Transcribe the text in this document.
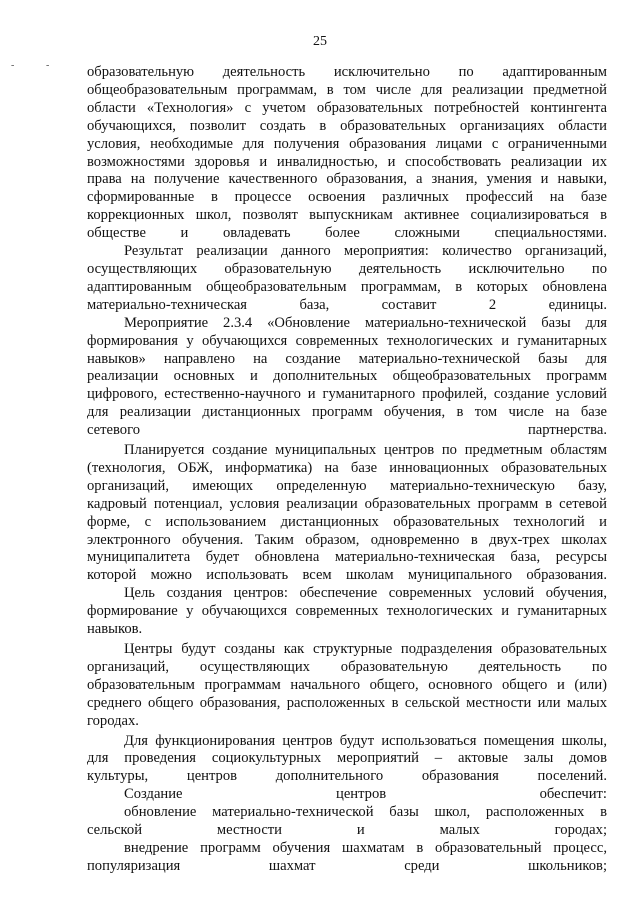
25
-	-	образовательную деятельность исключительно по адаптированным
общеобразовательным программам, в том числе для реализации предметной
области «Технология» с учетом образовательных потребностей контингента
обучающихся, позволит создать в образовательных организациях области
условия, необходимые для получения образования лицами с ограниченными
возможностями здоровья и инвалидностью, и способствовать реализации их
права на получение качественного образования, а знания, умения и навыки,
сформированные в процессе освоения различных профессий на базе
коррекционных школ, позволят выпускникам активнее социализироваться в
обществе и овладевать более сложными специальностями.

Результат реализации данного мероприятия: количество организаций,
осуществляющих образовательную деятельность исключительно по
адаптированным общеобразовательным программам, в которых обновлена
материально-техническая база, составит 2 единицы.

Мероприятие 2.3.4 «Обновление материально-технической базы для
формирования у обучающихся современных технологических и гуманитарных
навыков» направлено на создание материально-технической базы для
реализации основных и дополнительных общеобразовательных программ
цифрового, естественно-научного и гуманитарного профилей, создание условий
для реализации дистанционных программ обучения, в том числе на базе
сетевого партнерства.

Планируется создание муниципальных центров по предметным областям
(технология, ОБЖ, информатика) на базе инновационных образовательных
организаций, имеющих определенную материально-техническую базу,
кадровый потенциал, условия реализации образовательных программ в сетевой
форме, с использованием дистанционных образовательных технологий и
электронного обучения. Таким образом, одновременно в двух-трех школах
муниципалитета будет обновлена материально-техническая база, ресурсы
которой можно использовать всем школам муниципального образования.

Цель создания центров: обеспечение современных условий обучения,
формирование у обучающихся современных технологических и гуманитарных
навыков.

Центры будут созданы как структурные подразделения образовательных
организаций, осуществляющих образовательную деятельность по
образовательным программам начального общего, основного общего и (или)
среднего общего образования, расположенных в сельской местности или малых
городах.

Для функционирования центров будут использоваться помещения школы,
для проведения социокультурных мероприятий – актовые залы домов
культуры, центров дополнительного образования поселений.

Создание центров обеспечит:

обновление материально-технической базы школ, расположенных в
сельской местности и малых городах;

внедрение программ обучения шахматам в образовательный процесс,
популяризация шахмат среди школьников;
